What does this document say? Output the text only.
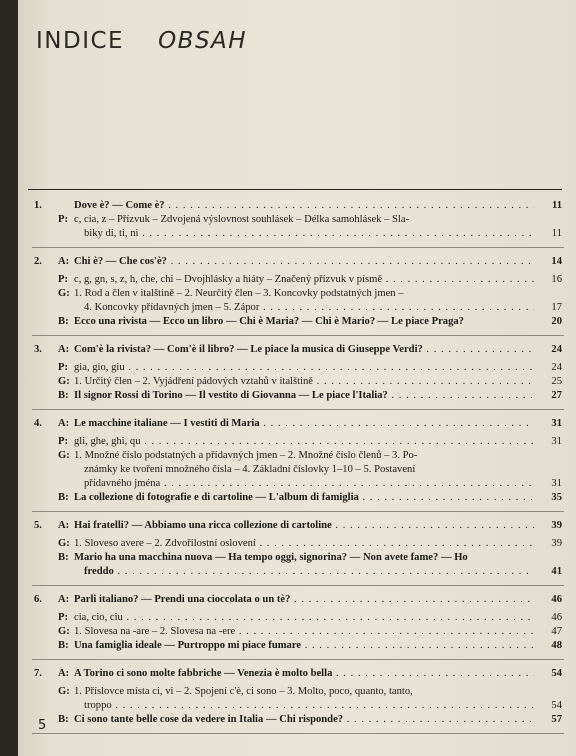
INDICE OBSAH
1.	Dove è? — Come è? . . .	11
P: c, cia, z – Přízvuk – Zdvojená výslovnost souhlásek – Délka samohlásek – Sla-
biky di, ti, ni . . .	11
2. A: Chi è? — Che cos'è? . . .	14
P: c, g, gn, s, z, h, che, chi – Dvojhlásky a hiáty – Značený přízvuk v písmě . . .	16
G: 1. Rod a člen v italštině – 2. Neurčitý člen – 3. Koncovky podstatných jmen –
4. Koncovky přídavných jmen – 5. Zápor . . .	17
B: Ecco una rivista — Ecco un libro — Chi è Maria? — Chi è Mario? — Le piace Praga?	20
3. A: Com'è la rivista? — Com'è il libro? — Le piace la musica di Giuseppe Verdi? . . .	24
P: gia, gio, giu . . .	24
G: 1. Určitý člen – 2. Vyjádření pádových vztahů v italštině . . .	25
B: Il signor Rossi di Torino — Il vestito di Giovanna — Le piace l'Italia? . . .	27
4. A: Le macchine italiane — I vestiti di Maria . . .	31
P: gli, ghe, ghi, qu . . .	31
G: 1. Množné číslo podstatných a přídavných jmen – 2. Množné číslo členů – 3. Po-
známky ke tvoření množného čísla – 4. Základní číslovky 1–10 – 5. Postavení
přídavného jména . . .	31
B: La collezione di fotografie e di cartoline — L'album di famiglia . . .	35
5. A: Hai fratelli? — Abbiamo una ricca collezione di cartoline . . .	39
G: 1. Sloveso avere – 2. Zdvořilostní oslovení . . .	39
B: Mario ha una macchina nuova — Ha tempo oggi, signorina? — Non avete fame? — Ho
freddo . . .	41
6. A: Parli italiano? — Prendi una cioccolata o un tè? . . .	46
P: cia, cio, ciu . . .	46
G: 1. Slovesa na -are – 2. Slovesa na -ere . . .	47
B: Una famiglia ideale — Purtroppo mi piace fumare . . .	48
7. A: A Torino ci sono molte fabbriche — Venezia è molto bella . . .	54
G: 1. Příslovce místa ci, vi – 2. Spojení c'è, ci sono – 3. Molto, poco, quanto, tanto,
troppo . . .	54
B: Ci sono tante belle cose da vedere in Italia — Chi risponde? . . .	57
5
